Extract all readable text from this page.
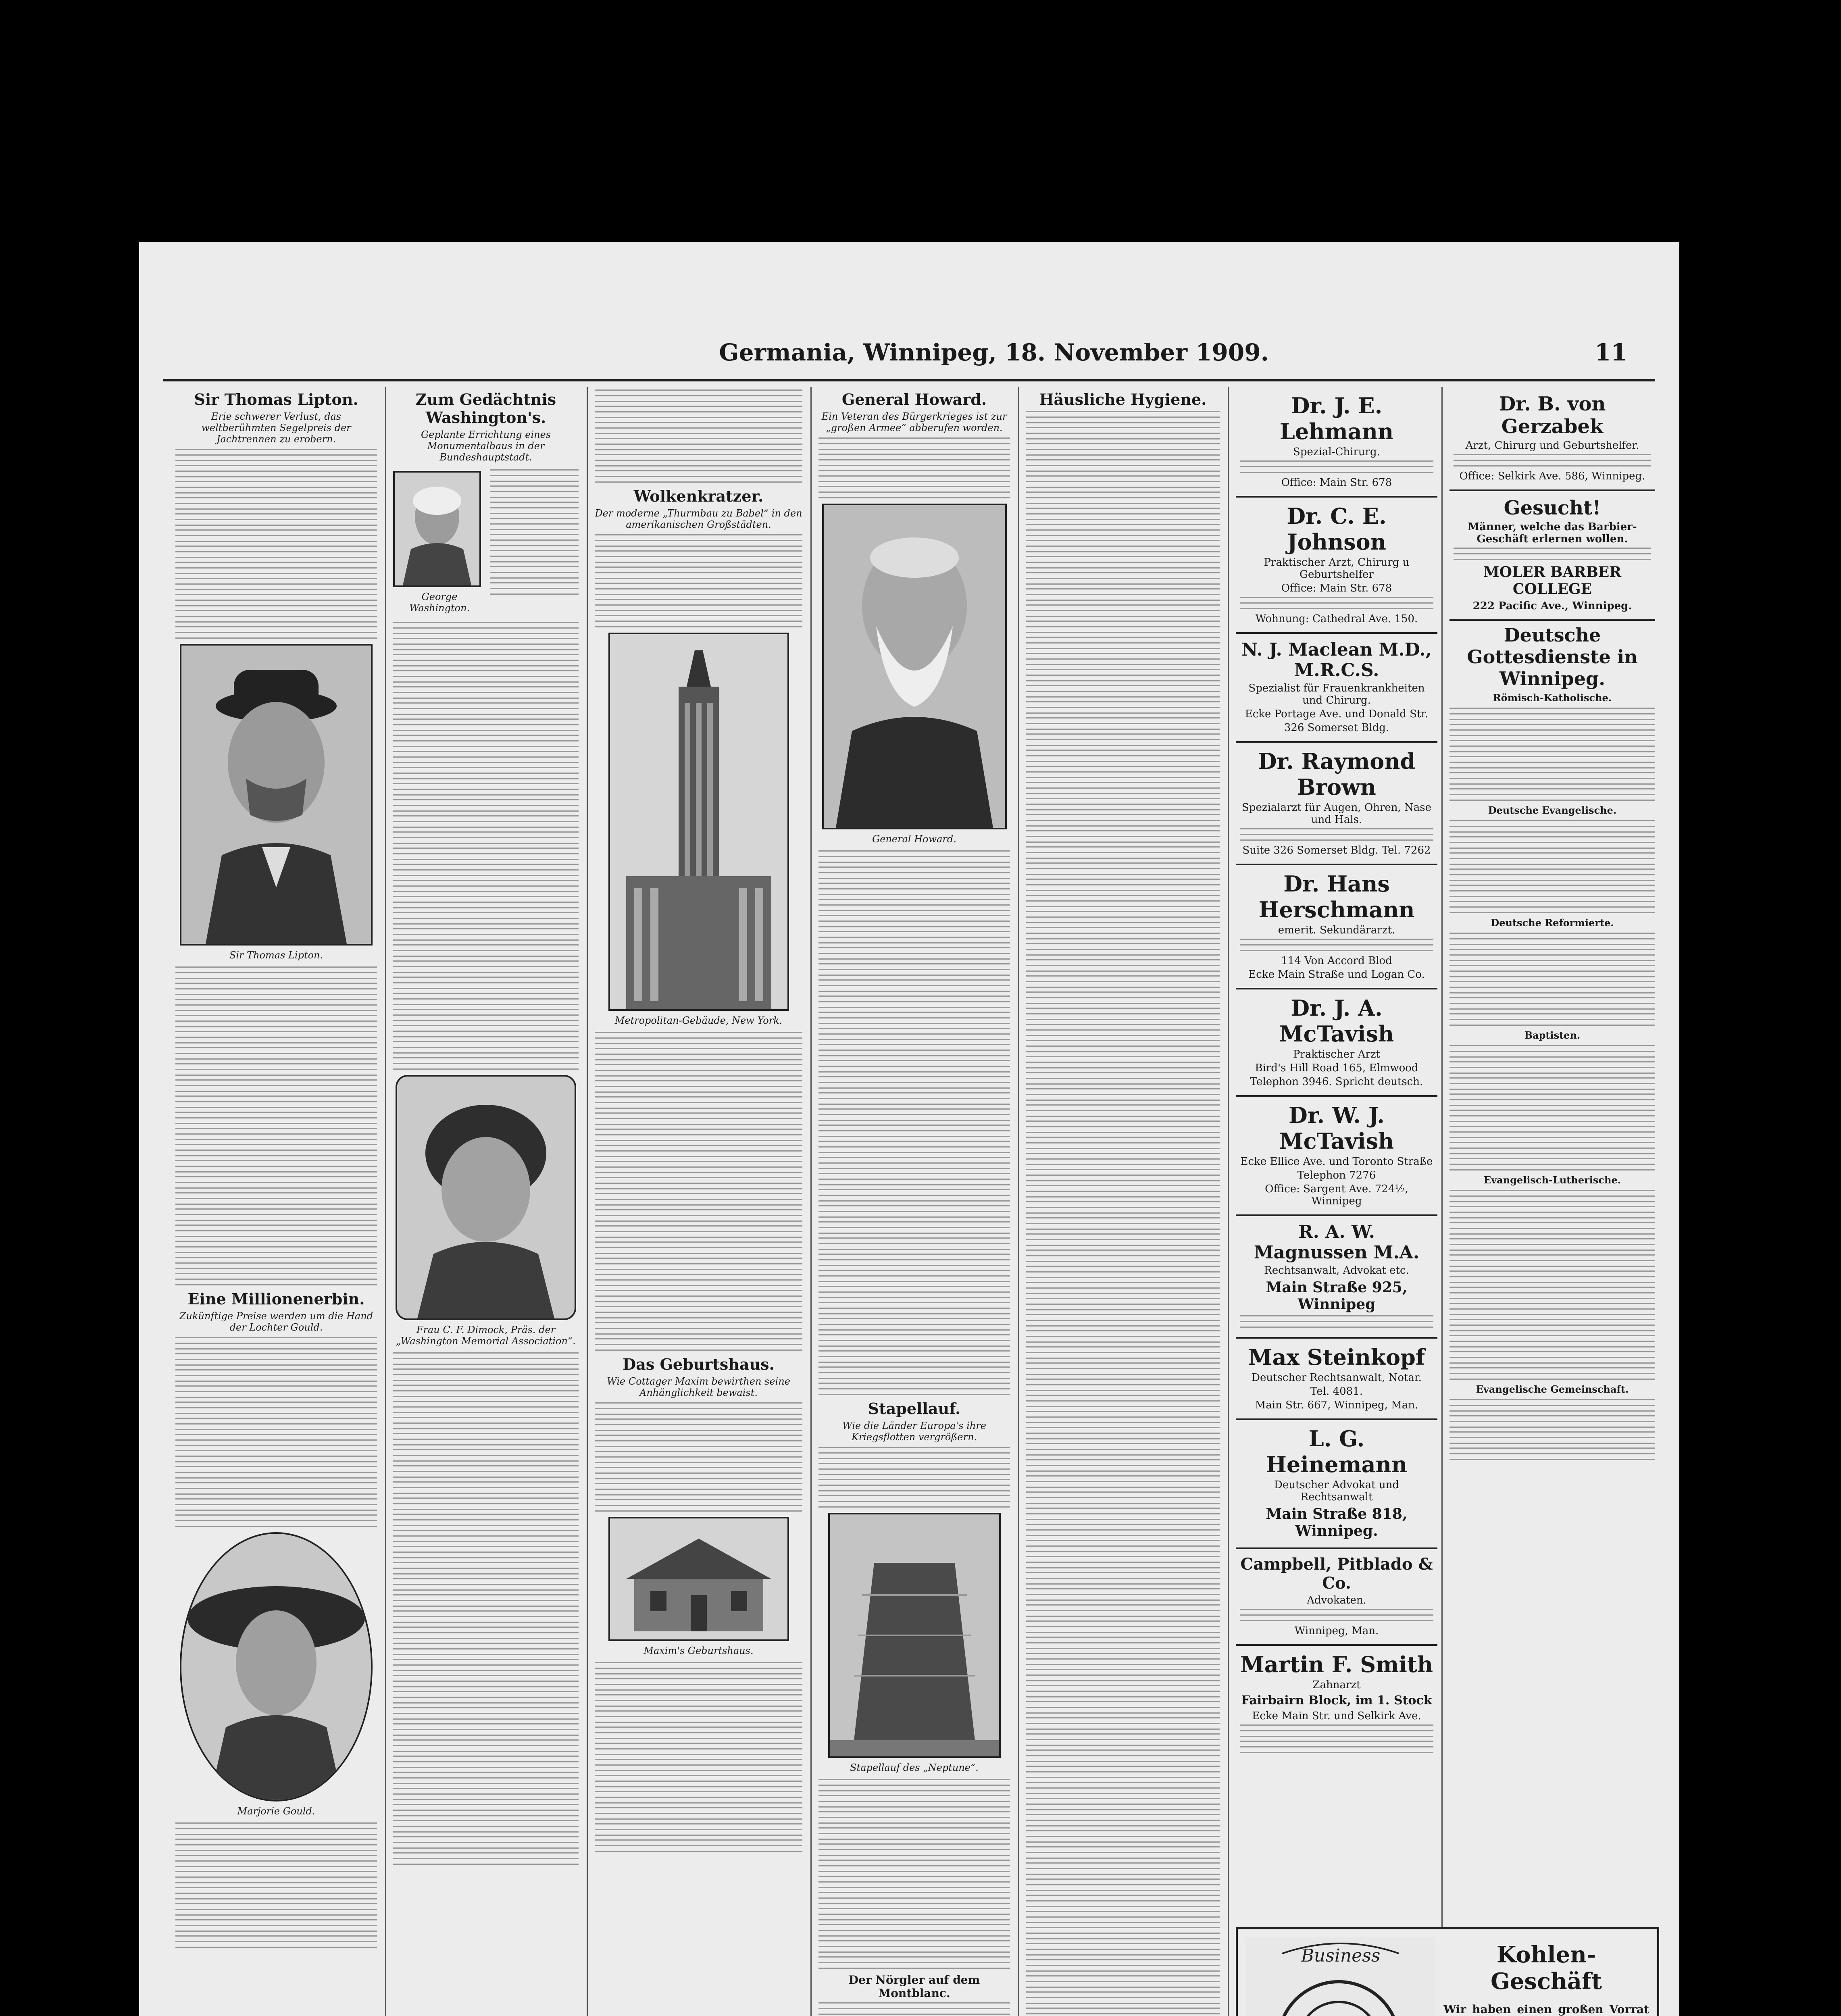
Germania, Winnipeg, 18. November 1909.	11
Sir Thomas Lipton.
Erie schwerer Verlust, das weltberühmten Segelpreis der Jachtrennen zu erobern.
Sir Thomas Lipton.
Eine Millionenerbin.
Zukünftige Preise werden um die Hand der Lochter Gould.
Marjorie Gould.
Zum Gedächtnis Washington's.
Geplante Errichtung eines Monumentalbaus in der Bundeshauptstadt.
George Washington.
Frau C. F. Dimock, Präs. der „Washington Memorial Association“.
Wolkenkratzer.
Der moderne „Thurmbau zu Babel“ in den amerikanischen Großstädten.
Metropolitan-Gebäude, New York.
Das Geburtshaus.
Wie Cottager Maxim bewirthen seine Anhänglichkeit bewaist.
Maxim's Geburtshaus.
General Howard.
Ein Veteran des Bürgerkrieges ist zur „großen Armee“ abberufen worden.
General Howard.
Stapellauf.
Wie die Länder Europa's ihre Kriegsflotten vergrößern.
Stapellauf des „Neptune“.
Der Nörgler auf dem Montblanc.
Häusliche Hygiene.	Dr. J. E. Lehmann
Spezial-Chirurg.
Office: Main Str. 678
Dr. C. E. Johnson
Praktischer Arzt, Chirurg u Geburtshelfer
Office: Main Str. 678
Wohnung: Cathedral Ave. 150.
N. J. Maclean M.D., M.R.C.S.
Spezialist für Frauenkrankheiten und Chirurg.
Ecke Portage Ave. und Donald Str.
326 Somerset Bldg.
Dr. Raymond Brown
Spezialarzt für Augen, Ohren, Nase und Hals.
Suite 326 Somerset Bldg. Tel. 7262
Dr. Hans Herschmann
emerit. Sekundärarzt.
114 Von Accord Blod
Ecke Main Straße und Logan Co.
Dr. J. A. McTavish
Praktischer Arzt
Bird's Hill Road 165, Elmwood
Telephon 3946. Spricht deutsch.
Dr. W. J. McTavish
Ecke Ellice Ave. und Toronto Straße
Telephon 7276
Office: Sargent Ave. 724½, Winnipeg
R. A. W. Magnussen M.A.
Rechtsanwalt, Advokat etc.
Main Straße 925, Winnipeg
Max Steinkopf
Deutscher Rechtsanwalt, Notar.
Tel. 4081.
Main Str. 667, Winnipeg, Man.
L. G. Heinemann
Deutscher Advokat und Rechtsanwalt
Main Straße 818, Winnipeg.
Campbell, Pitblado & Co.
Advokaten.
Winnipeg, Man.
Martin F. Smith
Zahnarzt
Fairbairn Block, im 1. Stock
Ecke Main Str. und Selkirk Ave.
Dr. B. von Gerzabek
Arzt, Chirurg und Geburtshelfer.
Office: Selkirk Ave. 586, Winnipeg.
Gesucht!
Männer, welche das Barbier-Geschäft erlernen wollen.
MOLER BARBER COLLEGE
222 Pacific Ave., Winnipeg.
Deutsche Gottesdienste in Winnipeg.
Römisch-Katholische.
Deutsche Evangelische.
Deutsche Reformierte.
Baptisten.
Evangelisch-Lutherische.
Evangelische Gemeinschaft.
Business	Kohlen-Geschäft
Wir haben einen großen Vorrat
